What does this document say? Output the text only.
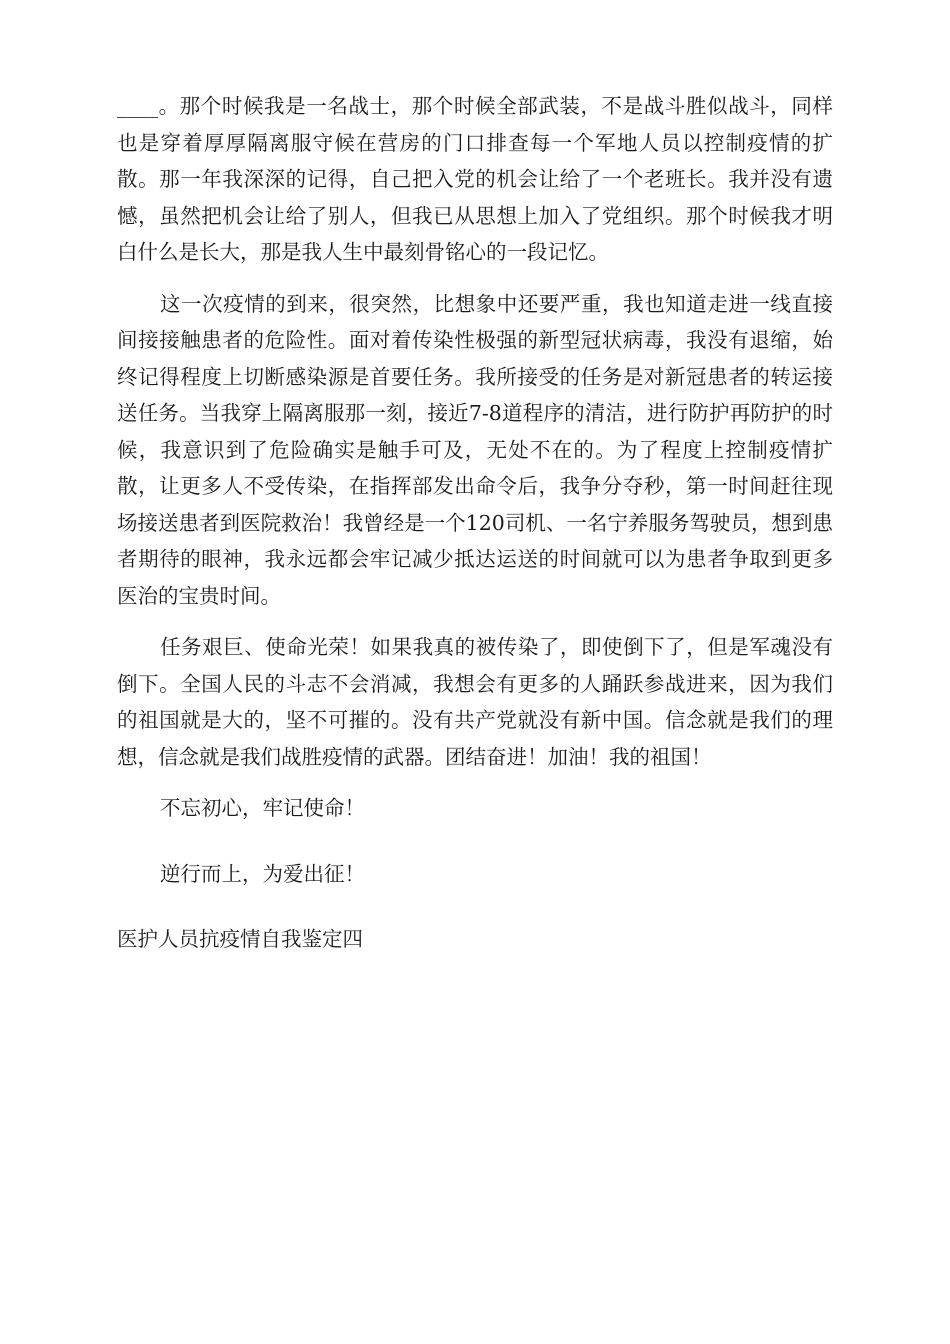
____。那个时候我是一名战士，那个时候全部武装，不是战斗胜似战斗，同样也是穿着厚厚隔离服守候在营房的门口排查每一个军地人员以控制疫情的扩散。那一年我深深的记得，自己把入党的机会让给了一个老班长。我并没有遗憾，虽然把机会让给了别人，但我已从思想上加入了党组织。那个时候我才明白什么是长大，那是我人生中最刻骨铭心的一段记忆。

这一次疫情的到来，很突然，比想象中还要严重，我也知道走进一线直接间接接触患者的危险性。面对着传染性极强的新型冠状病毒，我没有退缩，始终记得程度上切断感染源是首要任务。我所接受的任务是对新冠患者的转运接送任务。当我穿上隔离服那一刻，接近7-8道程序的清洁，进行防护再防护的时候，我意识到了危险确实是触手可及，无处不在的。为了程度上控制疫情扩散，让更多人不受传染，在指挥部发出命令后，我争分夺秒，第一时间赶往现场接送患者到医院救治！我曾经是一个120司机、一名宁养服务驾驶员，想到患者期待的眼神，我永远都会牢记减少抵达运送的时间就可以为患者争取到更多医治的宝贵时间。

任务艰巨、使命光荣！如果我真的被传染了，即使倒下了，但是军魂没有倒下。全国人民的斗志不会消减，我想会有更多的人踊跃参战进来，因为我们的祖国就是大的，坚不可摧的。没有共产党就没有新中国。信念就是我们的理想，信念就是我们战胜疫情的武器。团结奋进！加油！我的祖国！

不忘初心，牢记使命！

逆行而上，为爱出征！

医护人员抗疫情自我鉴定四
